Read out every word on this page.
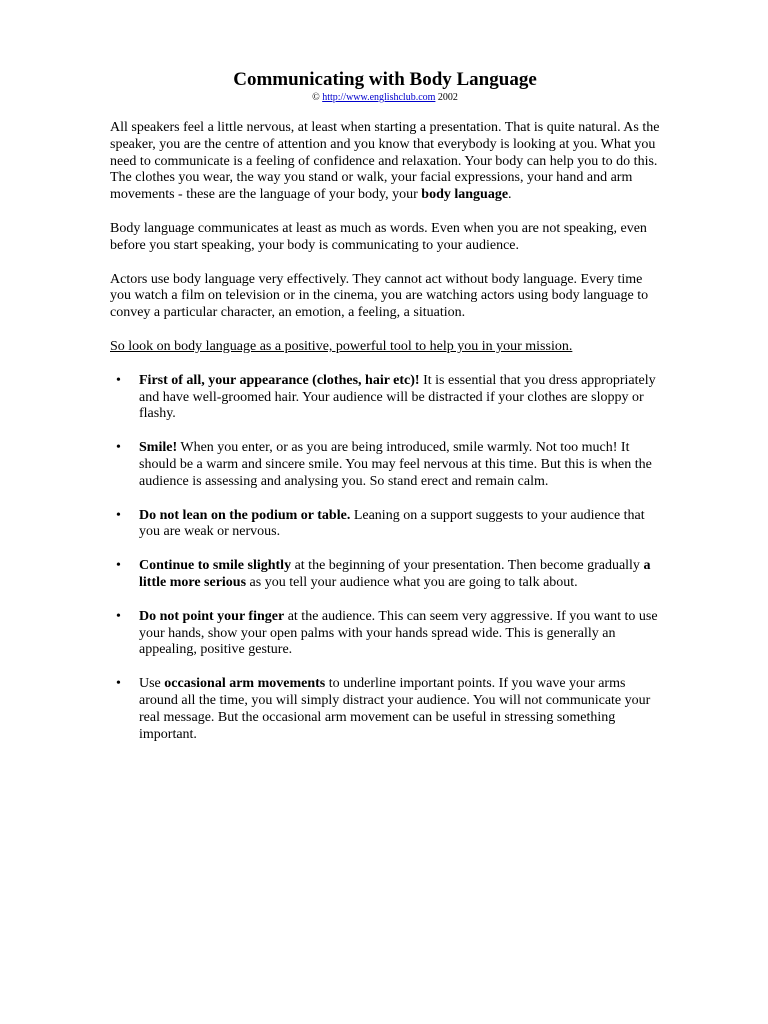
Communicating with Body Language
© http://www.englishclub.com 2002

All speakers feel a little nervous, at least when starting a presentation. That is quite natural. As the speaker, you are the centre of attention and you know that everybody is looking at you. What you need to communicate is a feeling of confidence and relaxation. Your body can help you to do this. The clothes you wear, the way you stand or walk, your facial expressions, your hand and arm movements - these are the language of your body, your body language.

Body language communicates at least as much as words. Even when you are not speaking, even before you start speaking, your body is communicating to your audience.

Actors use body language very effectively. They cannot act without body language. Every time you watch a film on television or in the cinema, you are watching actors using body language to convey a particular character, an emotion, a feeling, a situation.

So look on body language as a positive, powerful tool to help you in your mission.

• First of all, your appearance (clothes, hair etc)! It is essential that you dress appropriately and have well-groomed hair. Your audience will be distracted if your clothes are sloppy or flashy.
• Smile! When you enter, or as you are being introduced, smile warmly. Not too much! It should be a warm and sincere smile. You may feel nervous at this time. But this is when the audience is assessing and analysing you. So stand erect and remain calm.
• Do not lean on the podium or table. Leaning on a support suggests to your audience that you are weak or nervous.
• Continue to smile slightly at the beginning of your presentation. Then become gradually a little more serious as you tell your audience what you are going to talk about.
• Do not point your finger at the audience. This can seem very aggressive. If you want to use your hands, show your open palms with your hands spread wide. This is generally an appealing, positive gesture.
• Use occasional arm movements to underline important points. If you wave your arms around all the time, you will simply distract your audience. You will not communicate your real message. But the occasional arm movement can be useful in stressing something important.
